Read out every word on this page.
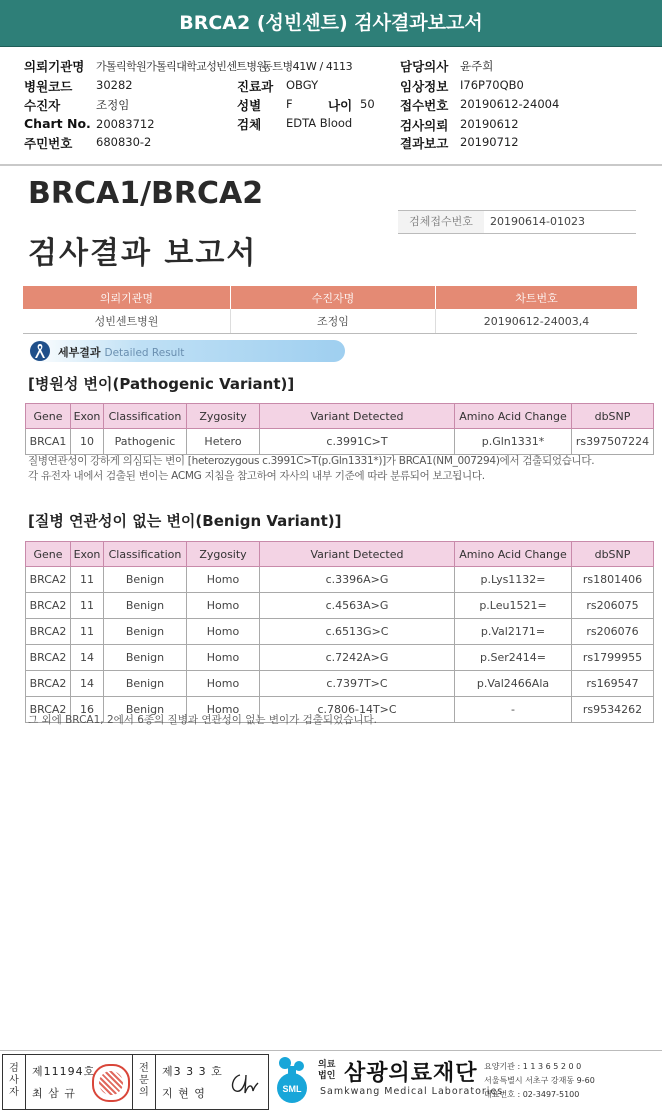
BRCA2 (성빈센트) 검사결과보고서
의뢰기관명 가톨릭학원가톨릭대학교성빈센트병원
동트병41W / 4113	담당의사 윤주희
병원코드 30282	진료과 OBGY	임상정보 I76P70QB0
수진자	조정임	성별 F	나이 50 접수번호 20190612-24004
Chart No. 20083712	검체 EDTA Blood	검사의뢰 20190612
주민번호 680830-2	결과보고 20190712
BRCA1/BRCA2
검사결과 보고서
검체접수번호	20190614-01023
의뢰기관명	수진자명	차트번호
성빈센트병원	조정임	20190612-24003,4
세부결과 Detailed Result
[병원성 변이(Pathogenic Variant)]
Gene	Exon	Classification	Zygosity	Variant Detected	Amino Acid Change	dbSNP
BRCA1	10	Pathogenic	Hetero	c.3991C>T	p.Gln1331*	rs397507224
질병연관성이 강하게 의심되는 변이 [heterozygous c.3991C>T(p.Gln1331*)]가 BRCA1(NM_007294)에서 검출되었습니다.
각 유전자 내에서 검출된 변이는 ACMG 지침을 참고하여 자사의 내부 기준에 따라 분류되어 보고됩니다.
[질병 연관성이 없는 변이(Benign Variant)]
Gene	Exon	Classification	Zygosity	Variant Detected	Amino Acid Change	dbSNP
BRCA2	11	Benign	Homo	c.3396A>G	p.Lys1132=	rs1801406
BRCA2	11	Benign	Homo	c.4563A>G	p.Leu1521=	rs206075
BRCA2	11	Benign	Homo	c.6513G>C	p.Val2171=	rs206076
BRCA2	14	Benign	Homo	c.7242A>G	p.Ser2414=	rs1799955
BRCA2	14	Benign	Homo	c.7397T>C	p.Val2466Ala	rs169547
BRCA2	16	Benign	Homo	c.7806-14T>C	-	rs9534262
그 외에 BRCA1, 2에서 6종의 질병과 연관성이 없는 변이가 검출되었습니다.
검사자
제11194호
최 삼 규
전문의
제3 3 3 호
지 현 영	SML
의료법인 삼광의료재단
Samkwang Medical Laboratories
요양기관 : 1 1 3 6 5 2 0 0
서울특별시 서초구 강재동 9-60
대표번호 : 02-3497-5100
